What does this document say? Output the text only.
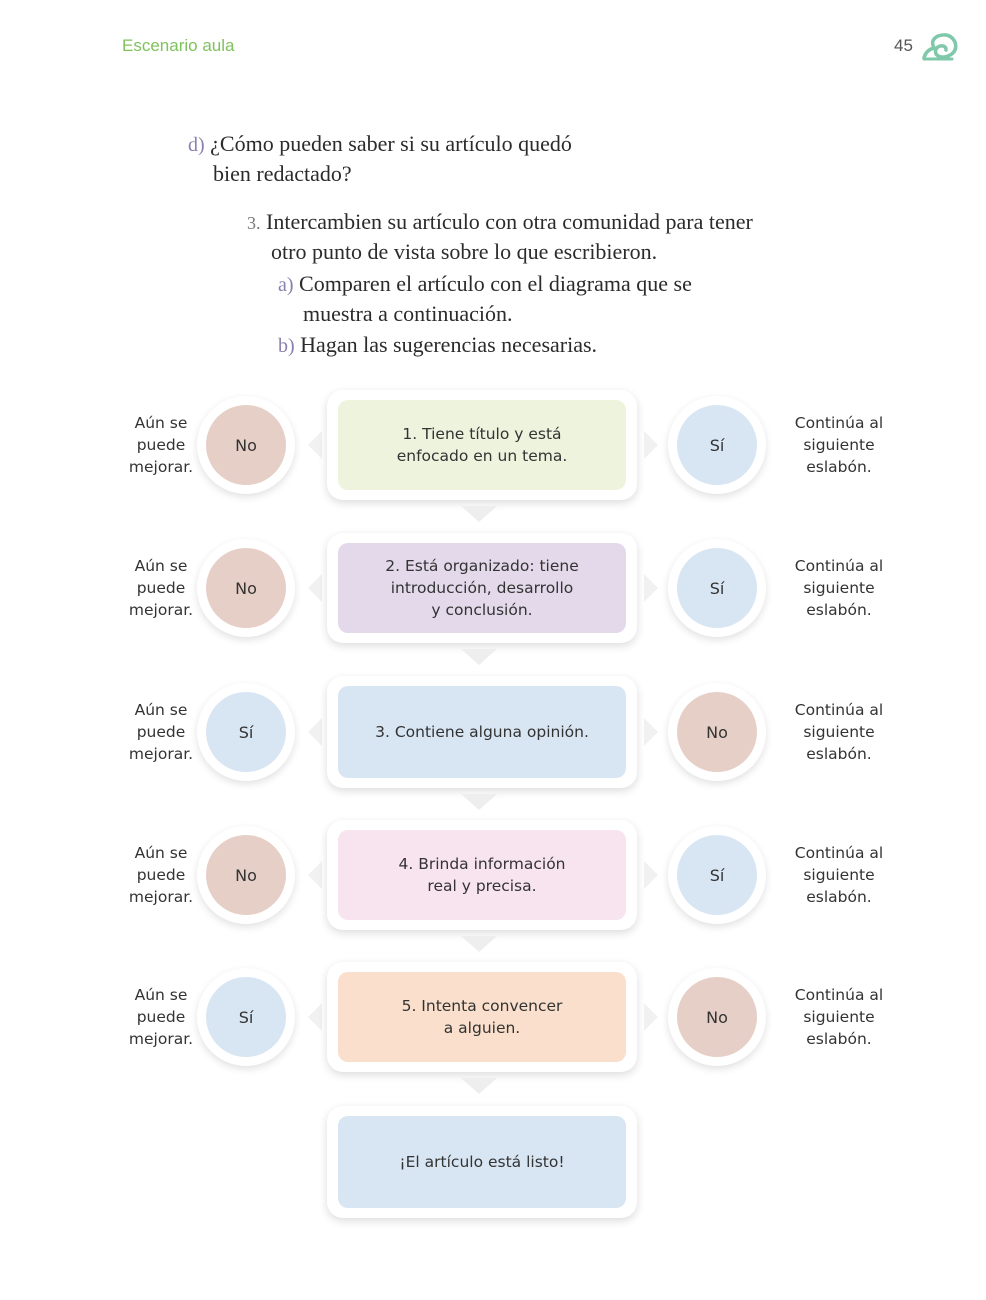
Escenario aula	45
d) ¿Cómo pueden saber si su artículo quedó
bien redactado?
3. Intercambien su artículo con otra comunidad para tener
otro punto de vista sobre lo que escribieron.
a) Comparen el artículo con el diagrama que se
muestra a continuación.
b) Hagan las sugerencias necesarias.
Aún se
puede
mejorar.
No
1. Tiene título y está
enfocado en un tema.
Sí
Continúa al
siguiente
eslabón.
Aún se
puede
mejorar.
No
2. Está organizado: tiene
introducción, desarrollo
y conclusión.
Sí
Continúa al
siguiente
eslabón.
Aún se
puede
mejorar.
Sí	3. Contiene alguna opinión.	No
Continúa al
siguiente
eslabón.
Aún se
puede
mejorar.
No
4. Brinda información
real y precisa.
Sí
Continúa al
siguiente
eslabón.
Aún se
puede
mejorar.
Sí
5. Intenta convencer
a alguien.
No
Continúa al
siguiente
eslabón.
¡El artículo está listo!
